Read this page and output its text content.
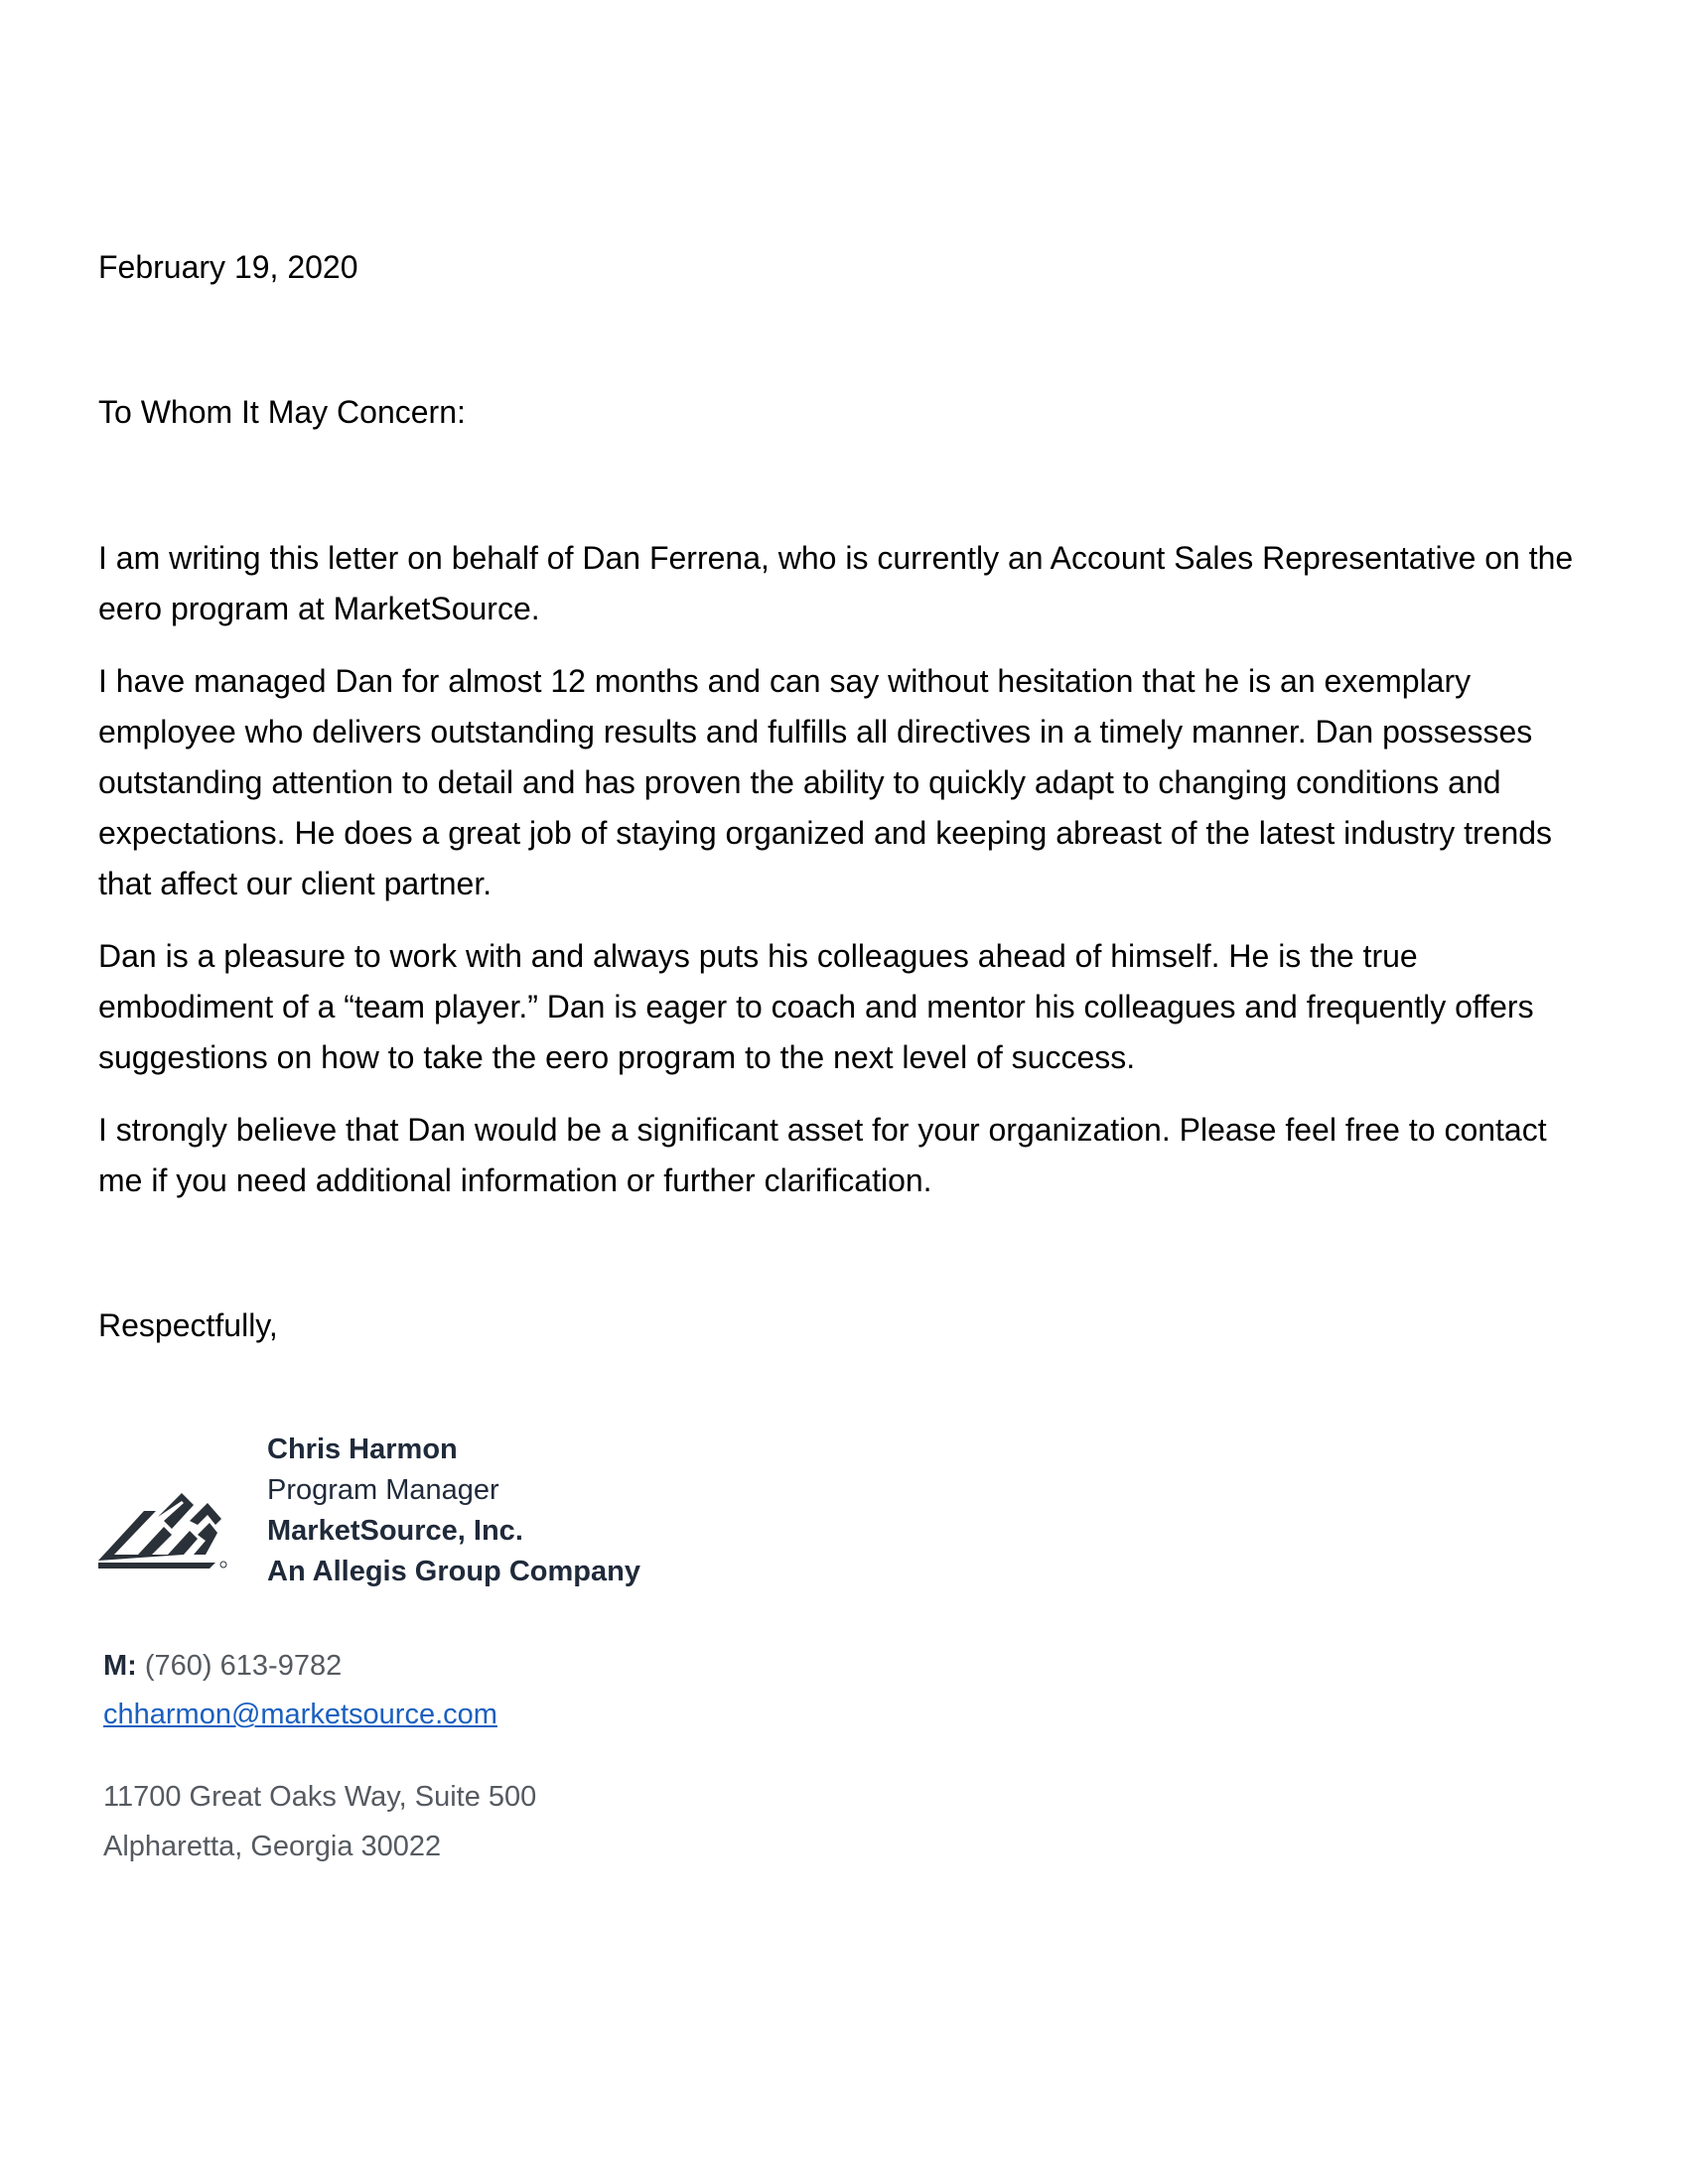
February 19, 2020
To Whom It May Concern:

I am writing this letter on behalf of Dan Ferrena, who is currently an Account Sales Representative on the eero program at MarketSource.

I have managed Dan for almost 12 months and can say without hesitation that he is an exemplary employee who delivers outstanding results and fulfills all directives in a timely manner. Dan possesses outstanding attention to detail and has proven the ability to quickly adapt to changing conditions and expectations. He does a great job of staying organized and keeping abreast of the latest industry trends that affect our client partner.

Dan is a pleasure to work with and always puts his colleagues ahead of himself. He is the true embodiment of a “team player.” Dan is eager to coach and mentor his colleagues and frequently offers suggestions on how to take the eero program to the next level of success.

I strongly believe that Dan would be a significant asset for your organization. Please feel free to contact me if you need additional information or further clarification.

Respectfully,
Chris Harmon
Program Manager
MarketSource, Inc.
An Allegis Group Company
M: (760) 613-9782
chharmon@marketsource.com
11700 Great Oaks Way, Suite 500
Alpharetta, Georgia 30022
